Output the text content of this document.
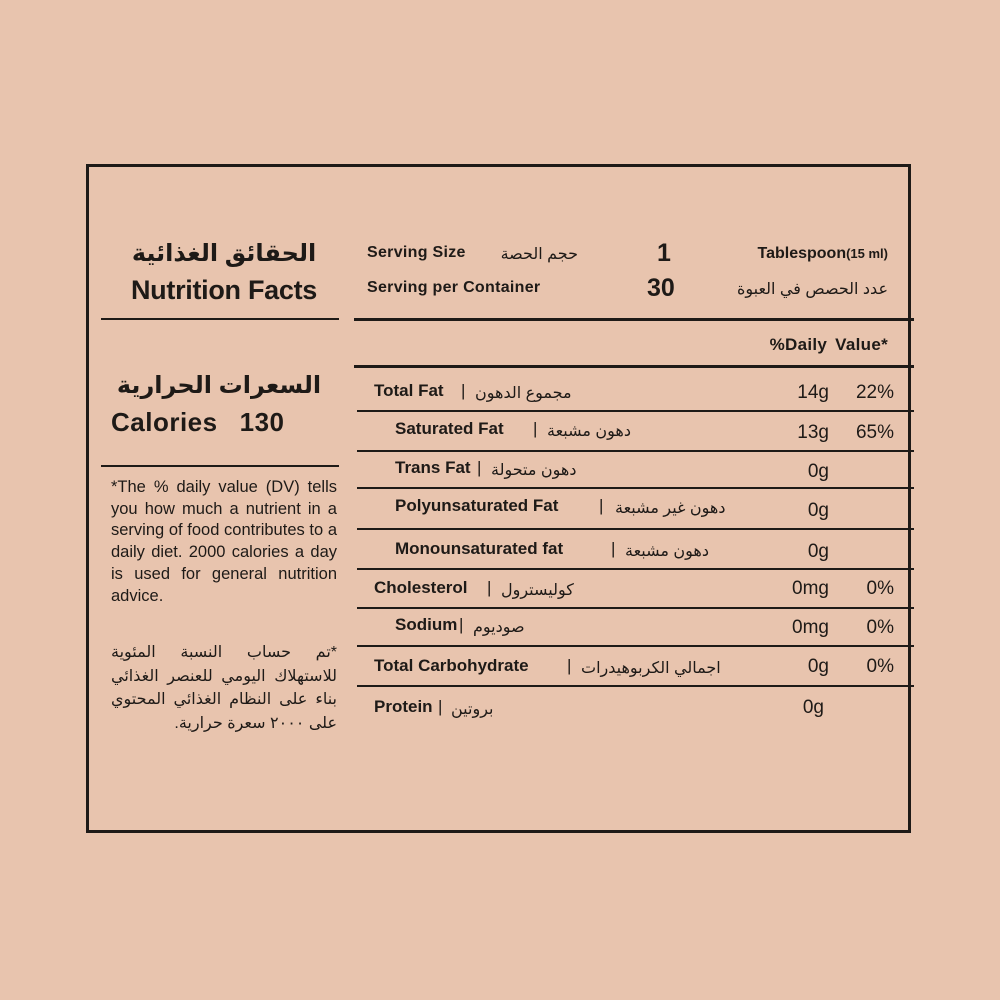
الحقائق الغذائية
Nutrition Facts
السعرات الحرارية
Calories 130
*The % daily value (DV) tells you how much a nutrient in a serving of food contributes to a daily diet. 2000 calories a day is used for general nutrition advice.
*تم حساب النسبة المئوية للاستهلاك اليومي للعنصر الغذائي بناء على النظام الغذائي المحتوي على ٢٠٠٠ سعرة حرارية.
Serving Size حجم الحصة	1	Tablespoon(15 ml)
Serving per Container	30	عدد الحصص في العبوة
%Daily Value*
Total Fat | مجموع الدهون	14g	22%
Saturated Fat | دهون مشبعة	13g	65%
Trans Fat | دهون متحولة	0g
Polyunsaturated Fat | دهون غير مشبعة	0g
Monounsaturated fat	| دهون مشبعة	0g
Cholesterol | كوليسترول	0mg	0%
Sodium | صوديوم	0mg	0%
Total Carbohydrate | اجمالي الكربوهيدرات	0g	0%
Protein | بروتين	0g
